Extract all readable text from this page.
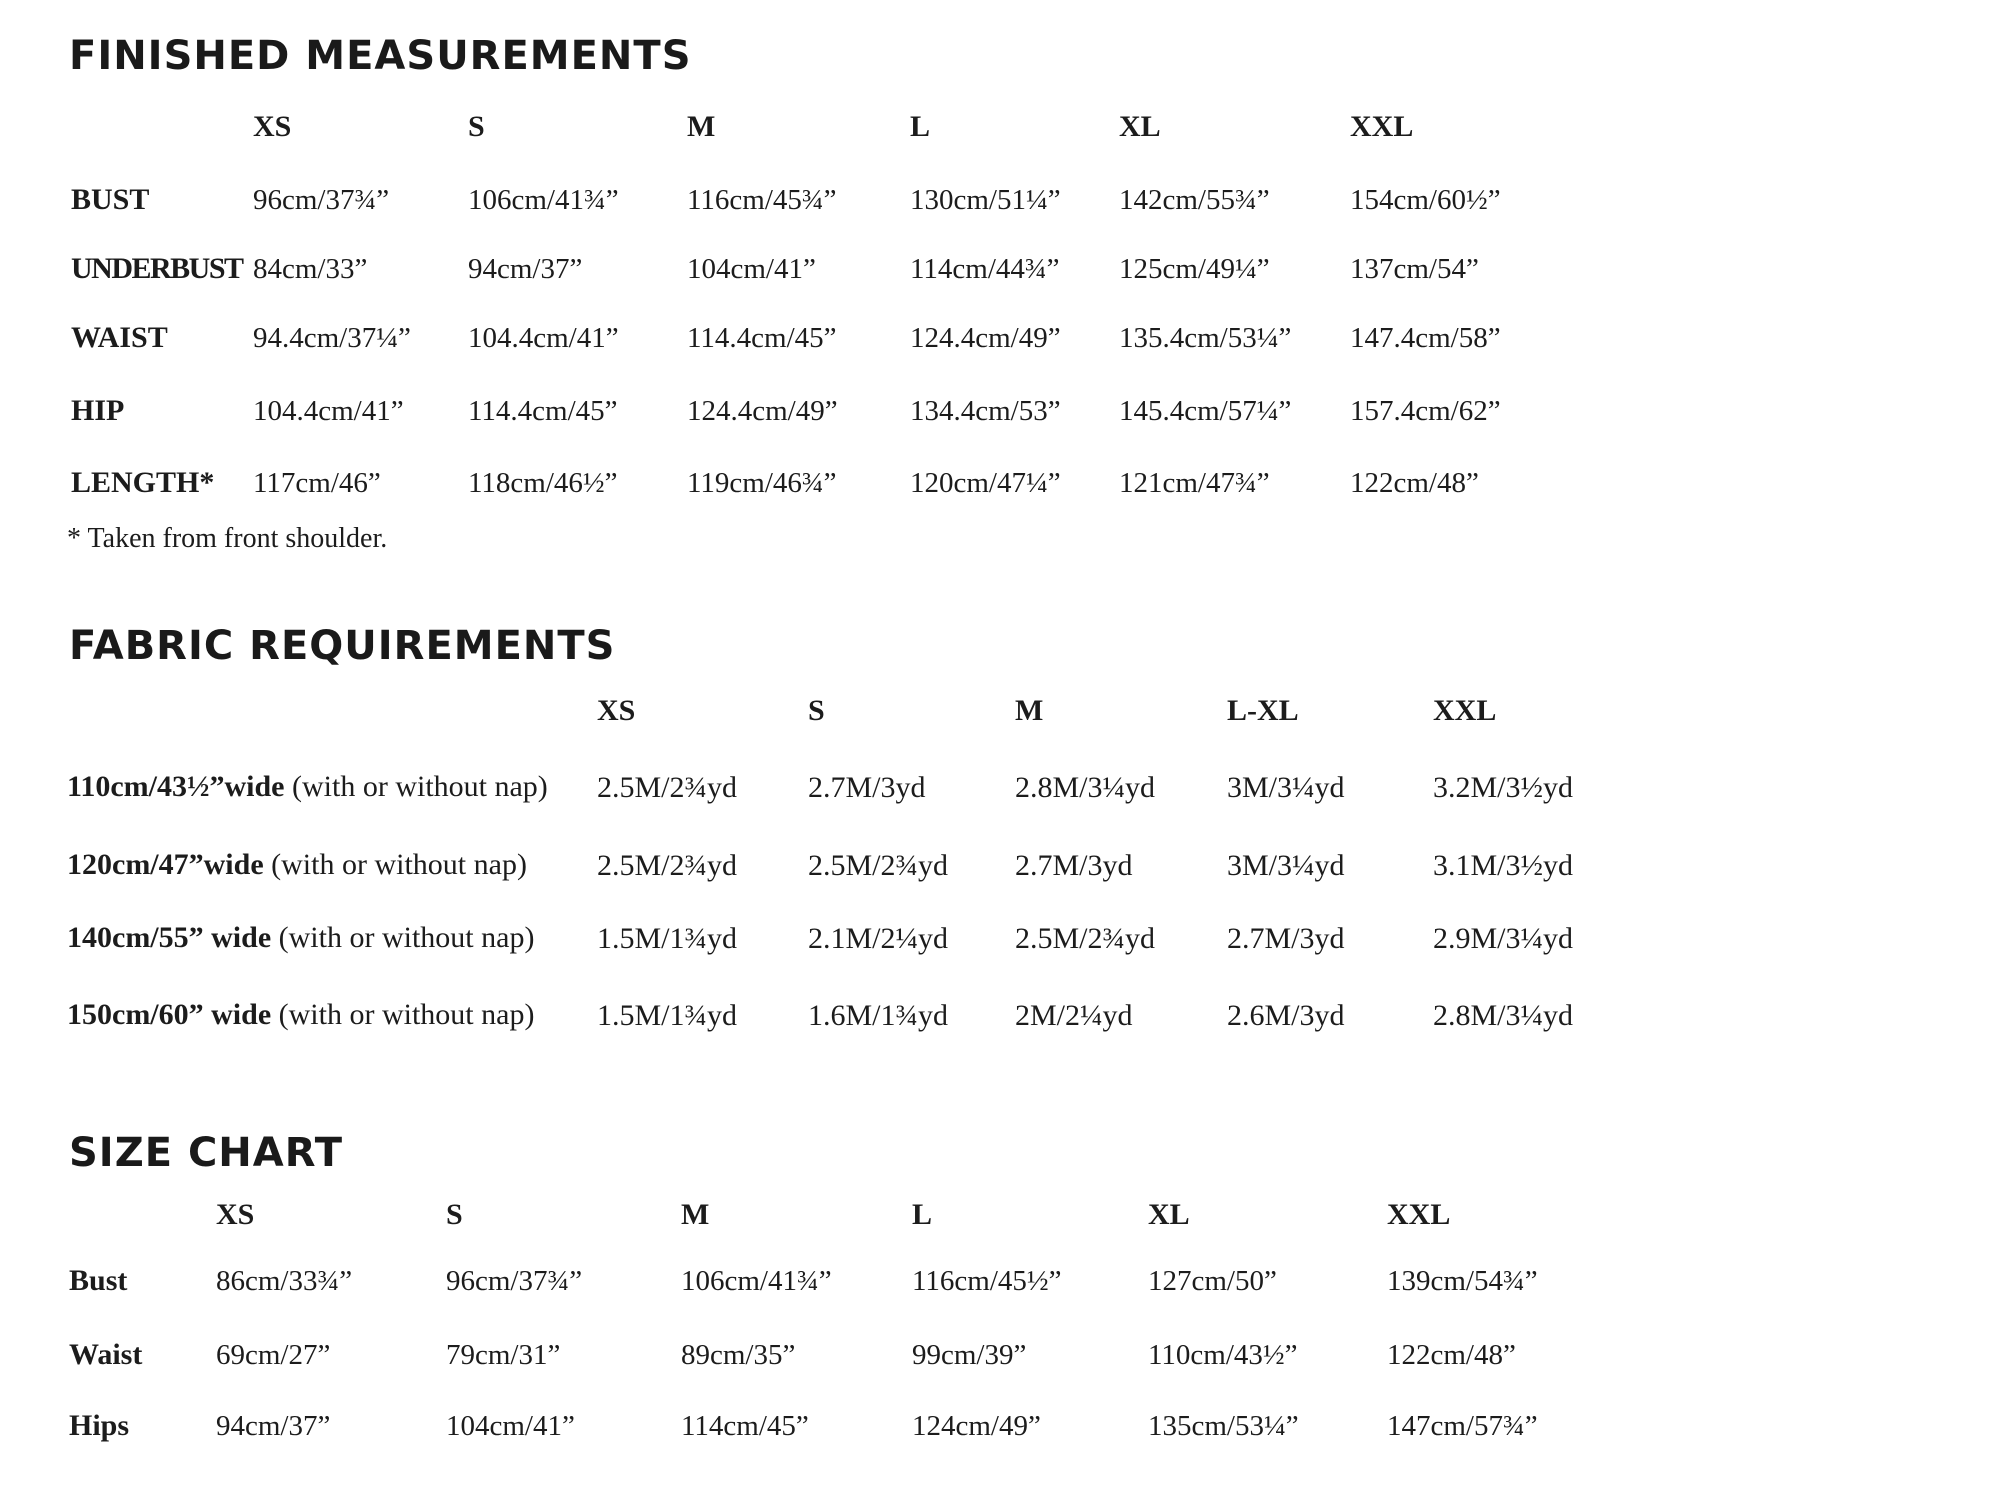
FINISHED MEASUREMENTS
XS	S	M	L	XL	XXL
BUST	96cm/37¾”	106cm/41¾” 116cm/45¾”	130cm/51¼” 142cm/55¾”	154cm/60½”
UNDERBUST 84cm/33”	94cm/37”	104cm/41”	114cm/44¾” 125cm/49¼”	137cm/54”
WAIST	94.4cm/37¼” 104.4cm/41” 114.4cm/45”	124.4cm/49” 135.4cm/53¼” 147.4cm/58”
HIP	104.4cm/41” 114.4cm/45” 124.4cm/49” 134.4cm/53” 145.4cm/57¼” 157.4cm/62”
LENGTH* 117cm/46”	118cm/46½” 119cm/46¾”	120cm/47¼” 121cm/47¾”	122cm/48”
* Taken from front shoulder.
FABRIC REQUIREMENTS
XS	S	M	L-XL	XXL
110cm/43½”wide (with or without nap) 2.5M/2¾yd 2.7M/3yd	2.8M/3¼yd 3M/3¼yd	3.2M/3½yd
120cm/47”wide (with or without nap) 2.5M/2¾yd 2.5M/2¾yd 2.7M/3yd	3M/3¼yd	3.1M/3½yd
140cm/55” wide (with or without nap) 1.5M/1¾yd 2.1M/2¼yd 2.5M/2¾yd 2.7M/3yd	2.9M/3¼yd
150cm/60” wide (with or without nap) 1.5M/1¾yd 1.6M/1¾yd 2M/2¼yd	2.6M/3yd	2.8M/3¼yd
SIZE CHART
XS	S	M	L	XL	XXL
Bust	86cm/33¾”	96cm/37¾”	106cm/41¾”	116cm/45½”	127cm/50”	139cm/54¾”
Waist	69cm/27”	79cm/31”	89cm/35”	99cm/39”	110cm/43½”	122cm/48”
Hips	94cm/37”	104cm/41”	114cm/45”	124cm/49”	135cm/53¼”	147cm/57¾”
